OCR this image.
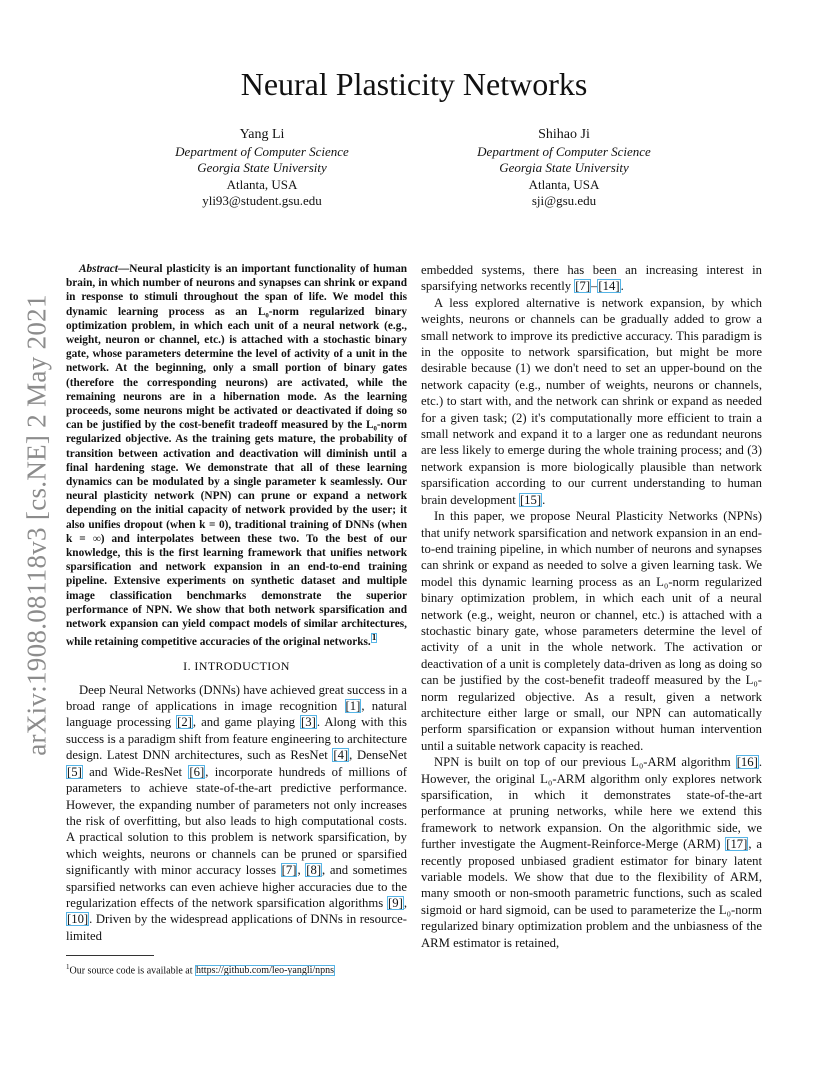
arXiv:1908.08118v3 [cs.NE] 2 May 2021
Neural Plasticity Networks
Yang Li
Department of Computer Science
Georgia State University
Atlanta, USA
yli93@student.gsu.edu
Shihao Ji
Department of Computer Science
Georgia State University
Atlanta, USA
sji@gsu.edu

Abstract—Neural plasticity is an important functionality of human brain, in which number of neurons and synapses can shrink or expand in response to stimuli throughout the span of life. We model this dynamic learning process as an L₀-norm regularized binary optimization problem, in which each unit of a neural network (e.g., weight, neuron or channel, etc.) is attached with a stochastic binary gate, whose parameters determine the level of activity of a unit in the network. At the beginning, only a small portion of binary gates (therefore the corresponding neurons) are activated, while the remaining neurons are in a hibernation mode. As the learning proceeds, some neurons might be activated or deactivated if doing so can be justified by the cost-benefit tradeoff measured by the L₀-norm regularized objective. As the training gets mature, the probability of transition between activation and deactivation will diminish until a final hardening stage. We demonstrate that all of these learning dynamics can be modulated by a single parameter k seamlessly. Our neural plasticity network (NPN) can prune or expand a network depending on the initial capacity of network provided by the user; it also unifies dropout (when k = 0), traditional training of DNNs (when k = ∞) and interpolates between these two. To the best of our knowledge, this is the first learning framework that unifies network sparsification and network expansion in an end-to-end training pipeline. Extensive experiments on synthetic dataset and multiple image classification benchmarks demonstrate the superior performance of NPN. We show that both network sparsification and network expansion can yield compact models of similar architectures, while retaining competitive accuracies of the original networks.$^1$

I. INTRODUCTION

Deep Neural Networks (DNNs) have achieved great success in a broad range of applications in image recognition [1], natural language processing [2], and game playing [3]. Along with this success is a paradigm shift from feature engineering to architecture design. Latest DNN architectures, such as ResNet [4], DenseNet [5] and Wide-ResNet [6], incorporate hundreds of millions of parameters to achieve state-of-the-art predictive performance. However, the expanding number of parameters not only increases the risk of overfitting, but also leads to high computational costs. A practical solution to this problem is network sparsification, by which weights, neurons or channels can be pruned or sparsified significantly with minor accuracy losses [7], [8], and sometimes sparsified networks can even achieve higher accuracies due to the regularization effects of the network sparsification algorithms [9], [10]. Driven by the widespread applications of DNNs in resource-limited

embedded systems, there has been an increasing interest in sparsifying networks recently [7]–[14].

A less explored alternative is network expansion, by which weights, neurons or channels can be gradually added to grow a small network to improve its predictive accuracy. This paradigm is in the opposite to network sparsification, but might be more desirable because (1) we don't need to set an upper-bound on the network capacity (e.g., number of weights, neurons or channels, etc.) to start with, and the network can shrink or expand as needed for a given task; (2) it's computationally more efficient to train a small network and expand it to a larger one as redundant neurons are less likely to emerge during the whole training process; and (3) network expansion is more biologically plausible than network sparsification according to our current understanding to human brain development [15].

In this paper, we propose Neural Plasticity Networks (NPNs) that unify network sparsification and network expansion in an end-to-end training pipeline, in which number of neurons and synapses can shrink or expand as needed to solve a given learning task. We model this dynamic learning process as an L₀-norm regularized binary optimization problem, in which each unit of a neural network (e.g., weight, neuron or channel, etc.) is attached with a stochastic binary gate, whose parameters determine the level of activity of a unit in the whole network. The activation or deactivation of a unit is completely data-driven as long as doing so can be justified by the cost-benefit tradeoff measured by the L₀-norm regularized objective. As a result, given a network architecture either large or small, our NPN can automatically perform sparsification or expansion without human intervention until a suitable network capacity is reached.

NPN is built on top of our previous L₀-ARM algorithm [16]. However, the original L₀-ARM algorithm only explores network sparsification, in which it demonstrates state-of-the-art performance at pruning networks, while here we extend this framework to network expansion. On the algorithmic side, we further investigate the Augment-Reinforce-Merge (ARM) [17], a recently proposed unbiased gradient estimator for binary latent variable models. We show that due to the flexibility of ARM, many smooth or non-smooth parametric functions, such as scaled sigmoid or hard sigmoid, can be used to parameterize the L₀-norm regularized binary optimization problem and the unbiasness of the ARM estimator is retained,

$^1$Our source code is available at https://github.com/leo-yangli/npns
